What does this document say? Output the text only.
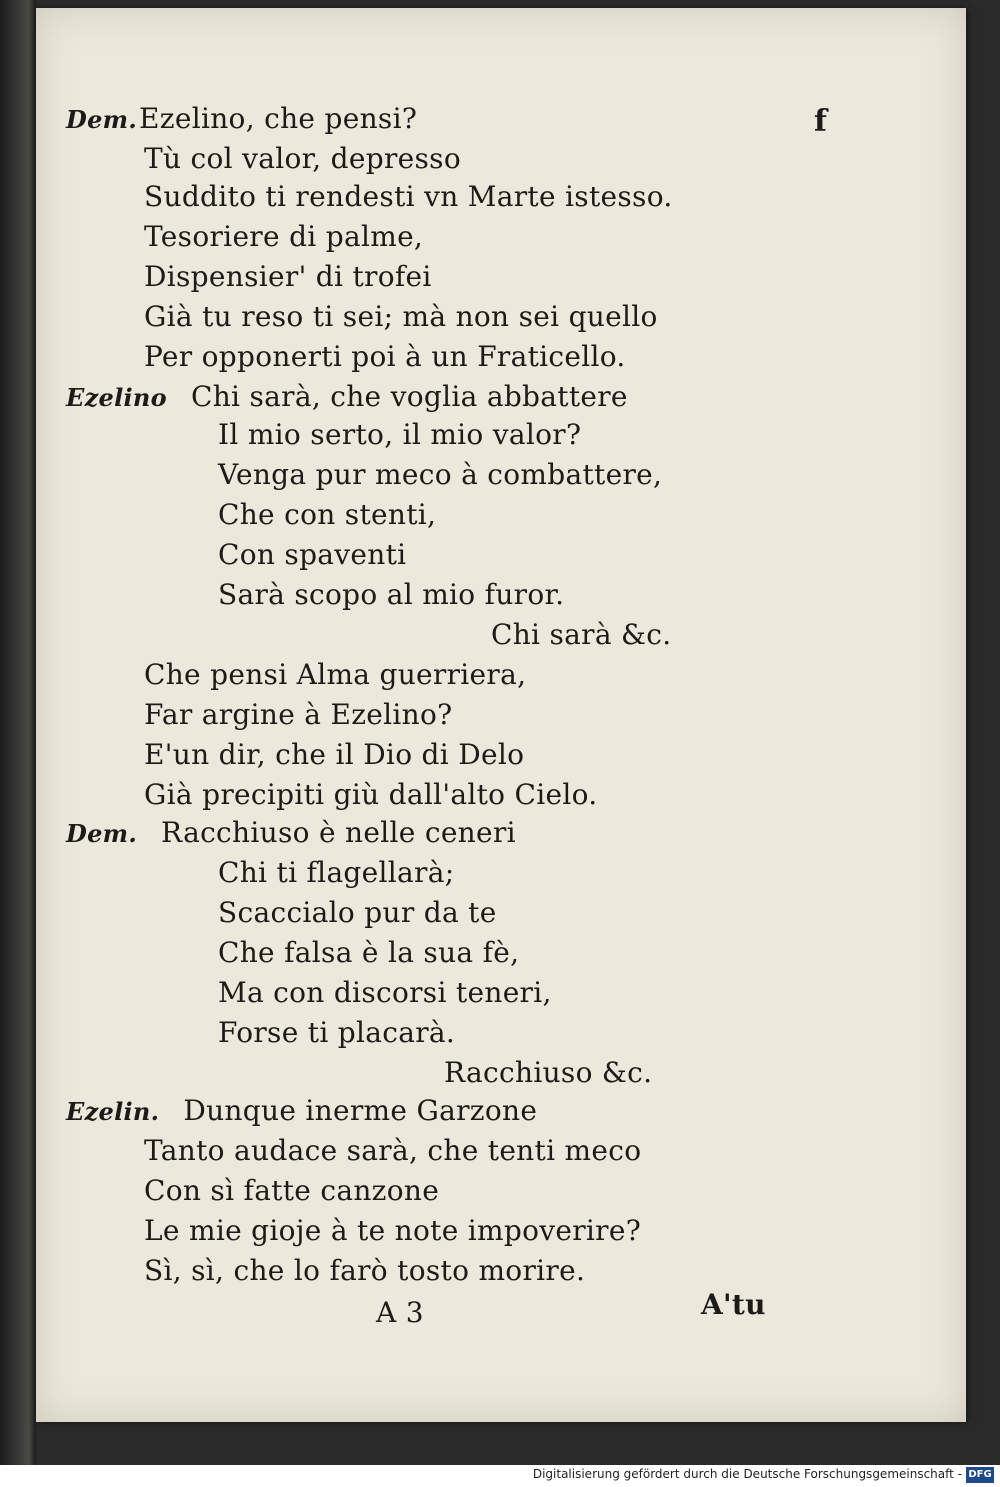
f
Dem.Ezelino, che pensi?
Tù col valor, depresso
Suddito ti rendesti vn Marte istesso.
Tesoriere di palme,
Dispensier' di trofei
Già tu reso ti sei; mà non sei quello
Per opponerti poi à un Fraticello.
Ezelino Chi sarà, che voglia abbattere
Il mio serto, il mio valor?
Venga pur meco à combattere,
Che con stenti,
Con spaventi
Sarà scopo al mio furor.
Chi sarà &c.
Che pensi Alma guerriera,
Far argine à Ezelino?
E'un dir, che il Dio di Delo
Già precipiti giù dall'alto Cielo.
Dem. Racchiuso è nelle ceneri
Chi ti flagellarà;
Scaccialo pur da te
Che falsa è la sua fè,
Ma con discorsi teneri,
Forse ti placarà.
Racchiuso &c.
Ezelin. Dunque inerme Garzone
Tanto audace sarà, che tenti meco
Con sì fatte canzone
Le mie gioje à te note impoverire?
Sì, sì, che lo farò tosto morire.
A 3	A'tu
Digitalisierung gefördert durch die Deutsche Forschungsgemeinschaft - DFG
